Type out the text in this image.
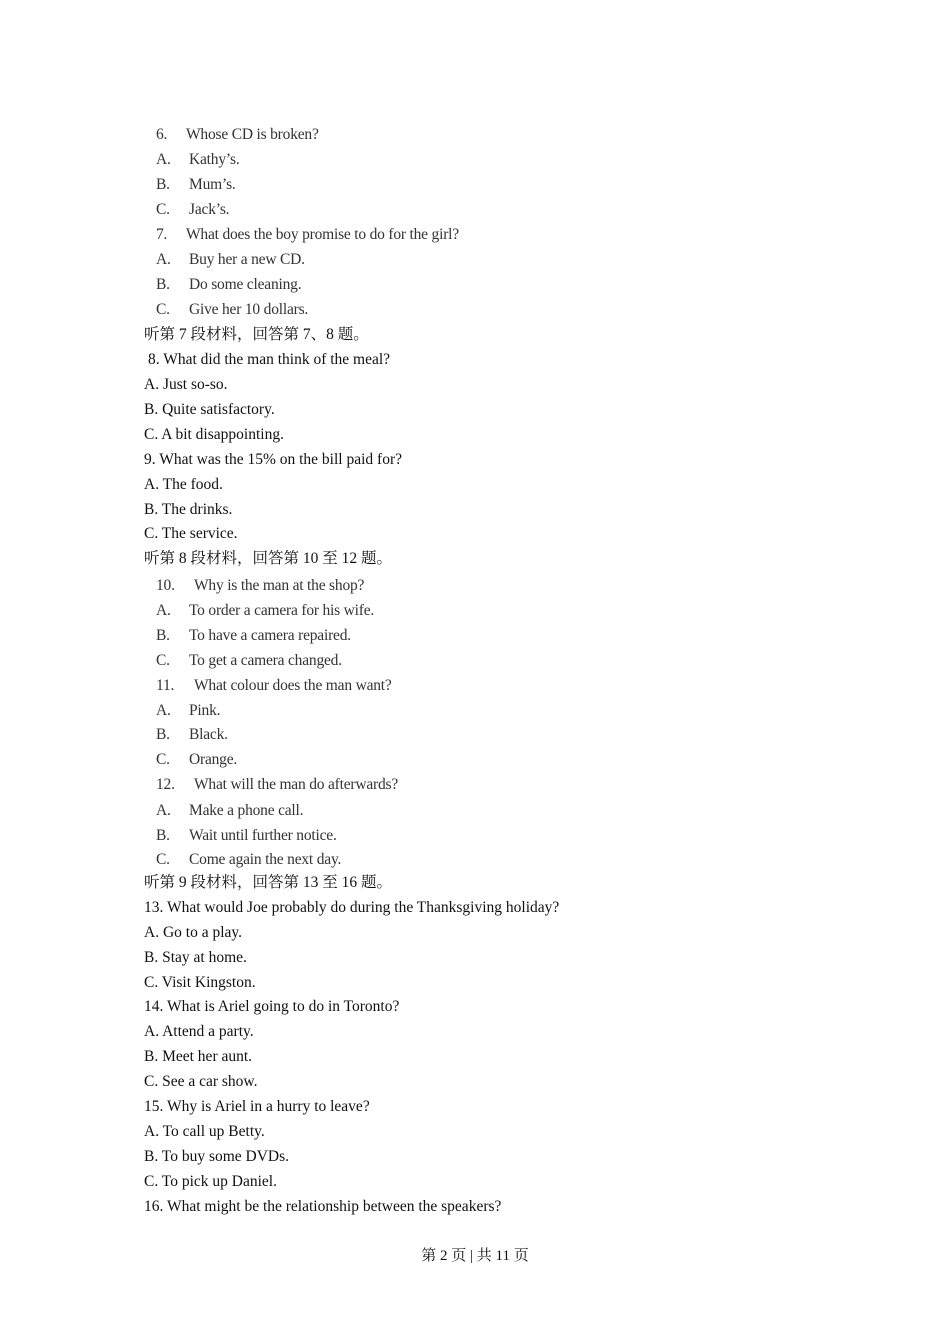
6. Whose CD is broken?
A. Kathy’s.
B. Mum’s.
C. Jack’s.
7. What does the boy promise to do for the girl?
A. Buy her a new CD.
B. Do some cleaning.
C. Give her 10 dollars.
听第 7 段材料，回答第 7、8 题。
8. What did the man think of the meal?
A. Just so-so.
B. Quite satisfactory.
C. A bit disappointing.
9. What was the 15% on the bill paid for?
A. The food.
B. The drinks.
C. The service.
听第 8 段材料，回答第 10 至 12 题。
10. Why is the man at the shop?
A. To order a camera for his wife.
B. To have a camera repaired.
C. To get a camera changed.
11. What colour does the man want?
A. Pink.
B. Black.
C. Orange.
12. What will the man do afterwards?
A. Make a phone call.
B. Wait until further notice.
C. Come again the next day.
听第 9 段材料，回答第 13 至 16 题。
13. What would Joe probably do during the Thanksgiving holiday?
A. Go to a play.
B. Stay at home.
C. Visit Kingston.
14. What is Ariel going to do in Toronto?
A. Attend a party.
B. Meet her aunt.
C. See a car show.
15. Why is Ariel in a hurry to leave?
A. To call up Betty.
B. To buy some DVDs.
C. To pick up Daniel.
16. What might be the relationship between the speakers?
第 2 页 | 共 11 页
